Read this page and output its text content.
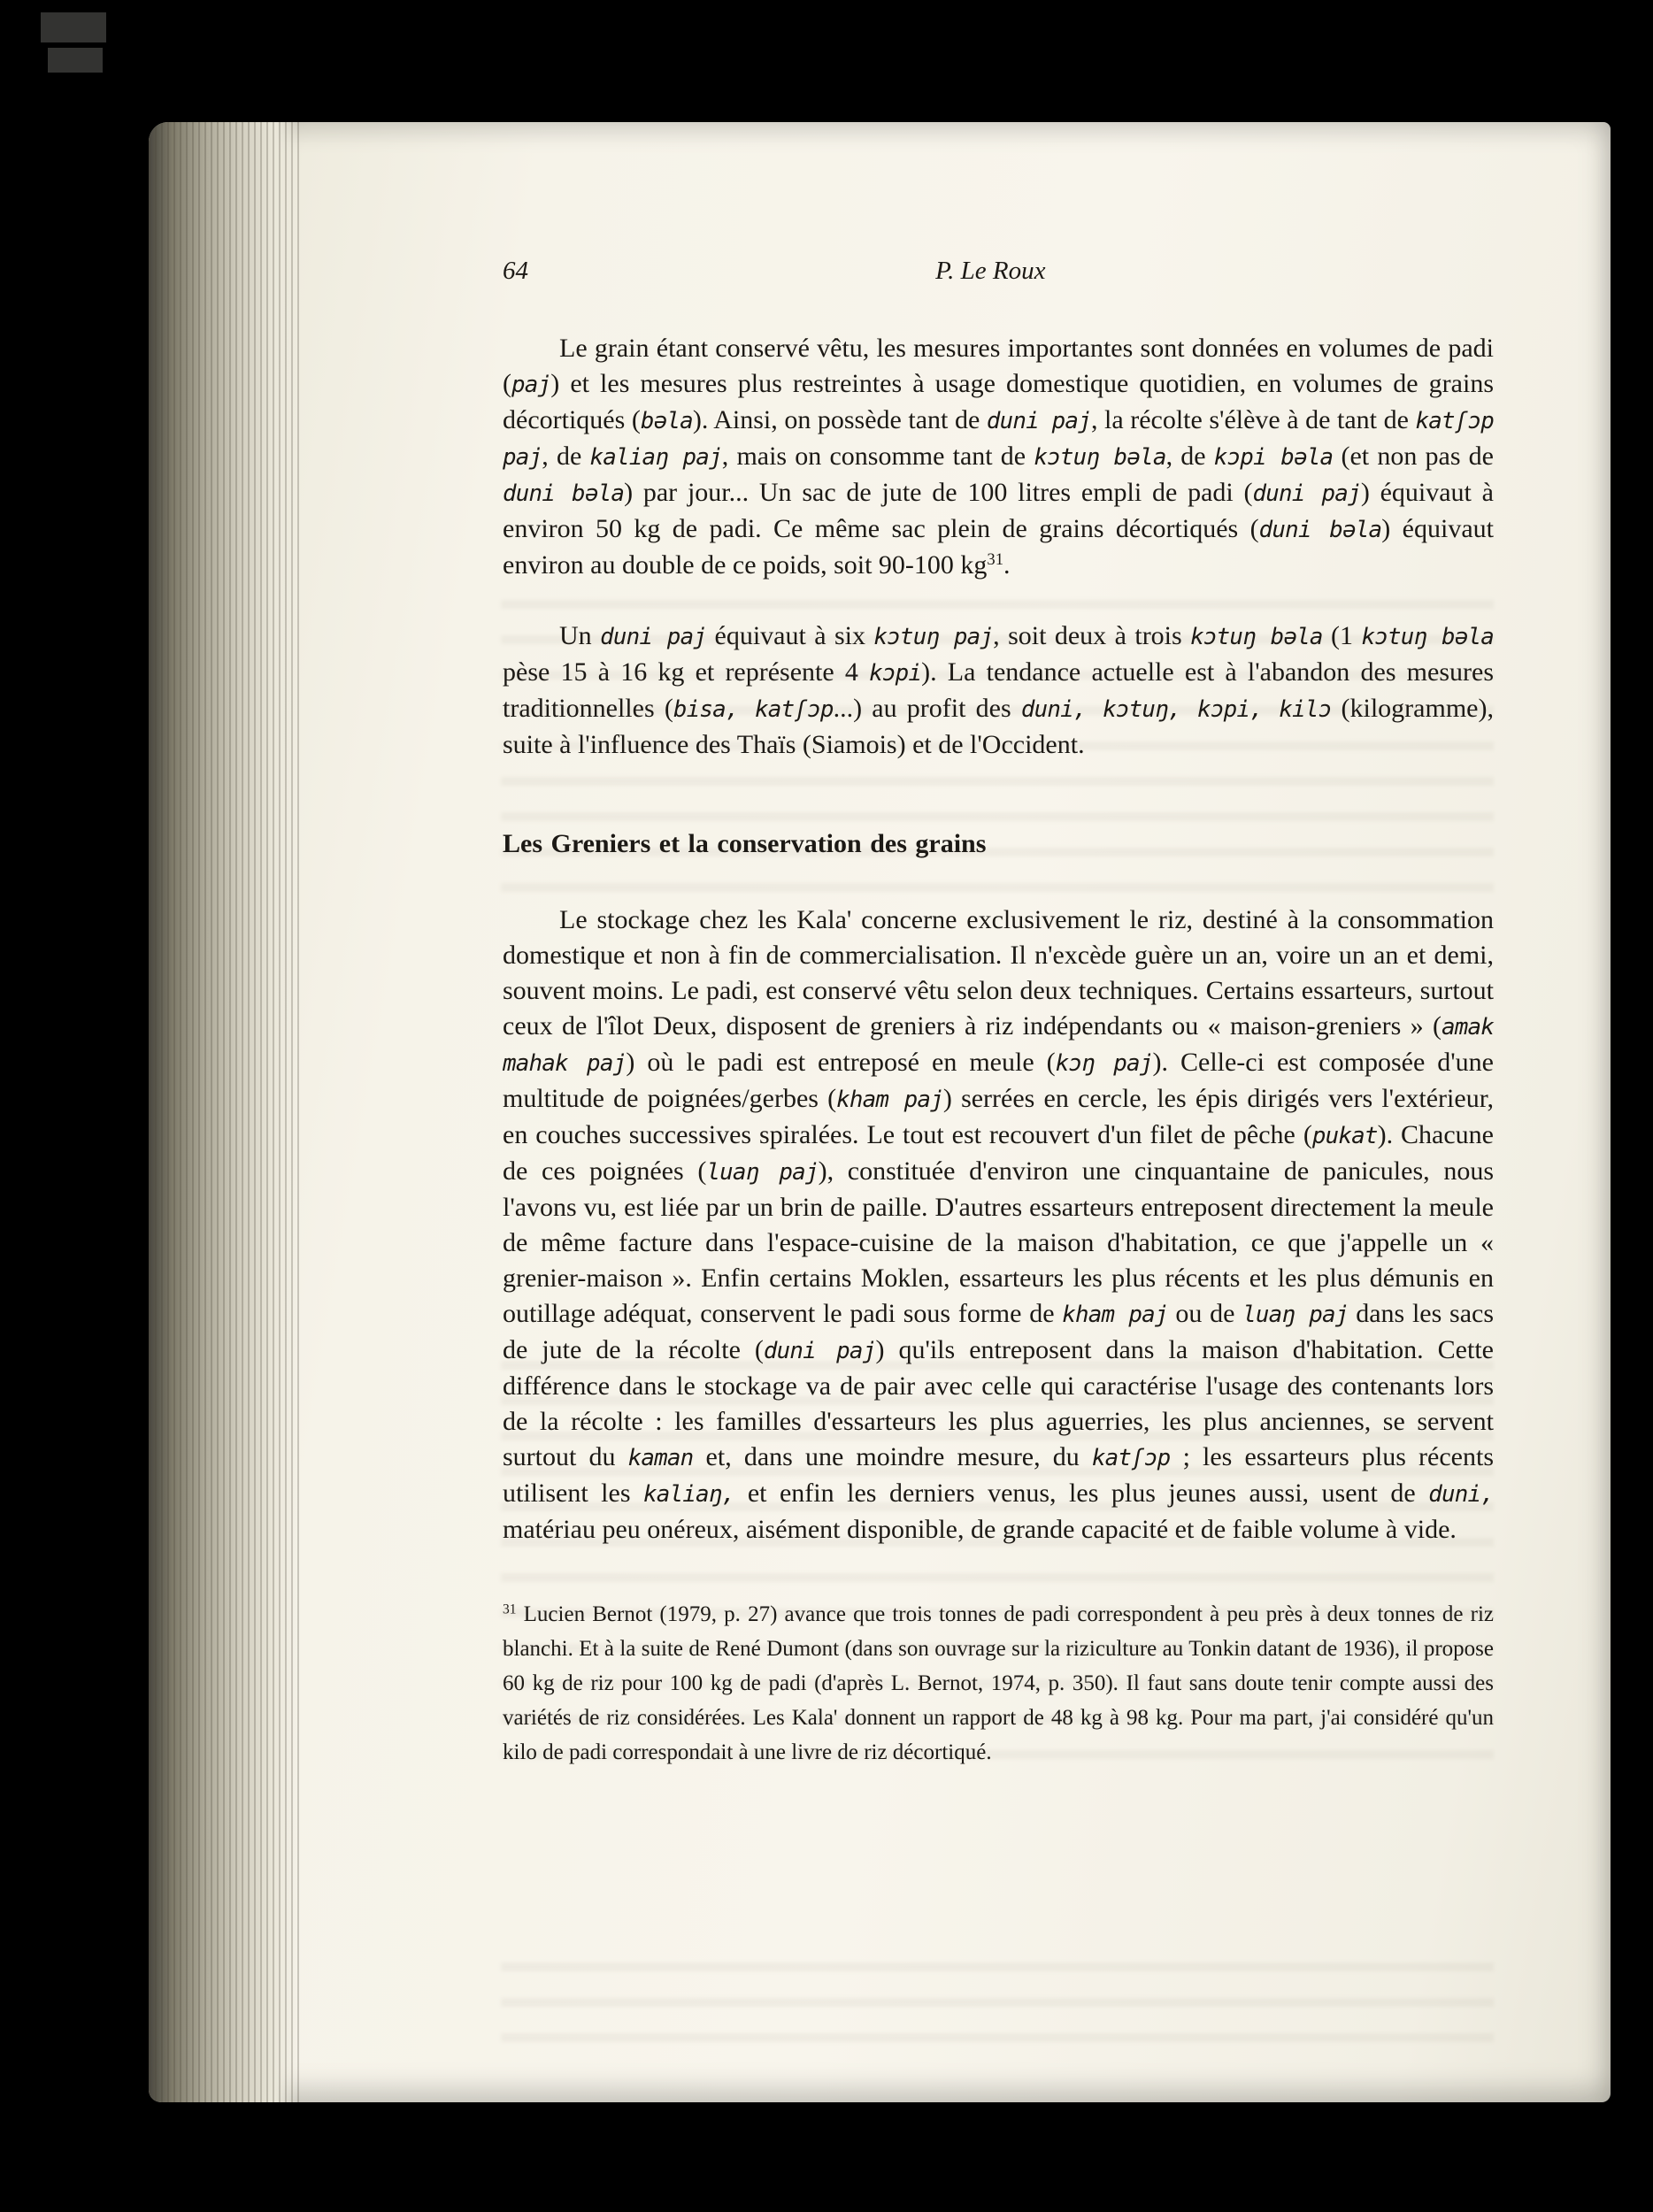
64	P. Le Roux

Le grain étant conservé vêtu, les mesures importantes sont données en volumes de padi (paj) et les mesures plus restreintes à usage domestique quotidien, en volumes de grains décortiqués (bəla). Ainsi, on possède tant de duni paj, la récolte s'élève à de tant de katʃɔp paj, de kaliaŋ paj, mais on consomme tant de kɔtuŋ bəla, de kɔpi bəla (et non pas de duni bəla) par jour... Un sac de jute de 100 litres empli de padi (duni paj) équivaut à environ 50 kg de padi. Ce même sac plein de grains décortiqués (duni bəla) équivaut environ au double de ce poids, soit 90-100 $kg^{31}$.

Un duni paj équivaut à six kɔtuŋ paj, soit deux à trois kɔtuŋ bəla (1 kɔtuŋ bəla pèse 15 à 16 kg et représente 4 kɔpi). La tendance actuelle est à l'abandon des mesures traditionnelles (bisa, katʃɔp...) au profit des duni, kɔtuŋ, kɔpi, kilɔ (kilogramme), suite à l'influence des Thaïs (Siamois) et de l'Occident.

Les Greniers et la conservation des grains

Le stockage chez les Kala' concerne exclusivement le riz, destiné à la consommation domestique et non à fin de commercialisation. Il n'excède guère un an, voire un an et demi, souvent moins. Le padi, est conservé vêtu selon deux techniques. Certains essarteurs, surtout ceux de l'îlot Deux, disposent de greniers à riz indépendants ou « maison-greniers » (amak mahak paj) où le padi est entreposé en meule (kɔŋ paj). Celle-ci est composée d'une multitude de poignées/gerbes (kham paj) serrées en cercle, les épis dirigés vers l'extérieur, en couches successives spiralées. Le tout est recouvert d'un filet de pêche (pukat). Chacune de ces poignées (luaŋ paj), constituée d'environ une cinquantaine de panicules, nous l'avons vu, est liée par un brin de paille. D'autres essarteurs entreposent directement la meule de même facture dans l'espace-cuisine de la maison d'habitation, ce que j'appelle un « grenier-maison ». Enfin certains Moklen, essarteurs les plus récents et les plus démunis en outillage adéquat, conservent le padi sous forme de kham paj ou de luaŋ paj dans les sacs de jute de la récolte (duni paj) qu'ils entreposent dans la maison d'habitation. Cette différence dans le stockage va de pair avec celle qui caractérise l'usage des contenants lors de la récolte : les familles d'essarteurs les plus aguerries, les plus anciennes, se servent surtout du kaman et, dans une moindre mesure, du katʃɔp ; les essarteurs plus récents utilisent les kaliaŋ, et enfin les derniers venus, les plus jeunes aussi, usent de duni, matériau peu onéreux, aisément disponible, de grande capacité et de faible volume à vide.

$^{31}$ Lucien Bernot (1979, p. 27) avance que trois tonnes de padi correspondent à peu près à deux tonnes de riz blanchi. Et à la suite de René Dumont (dans son ouvrage sur la riziculture au Tonkin datant de 1936), il propose 60 kg de riz pour 100 kg de padi (d'après L. Bernot, 1974, p. 350). Il faut sans doute tenir compte aussi des variétés de riz considérées. Les Kala' donnent un rapport de 48 kg à 98 kg. Pour ma part, j'ai considéré qu'un kilo de padi correspondait à une livre de riz décortiqué.
